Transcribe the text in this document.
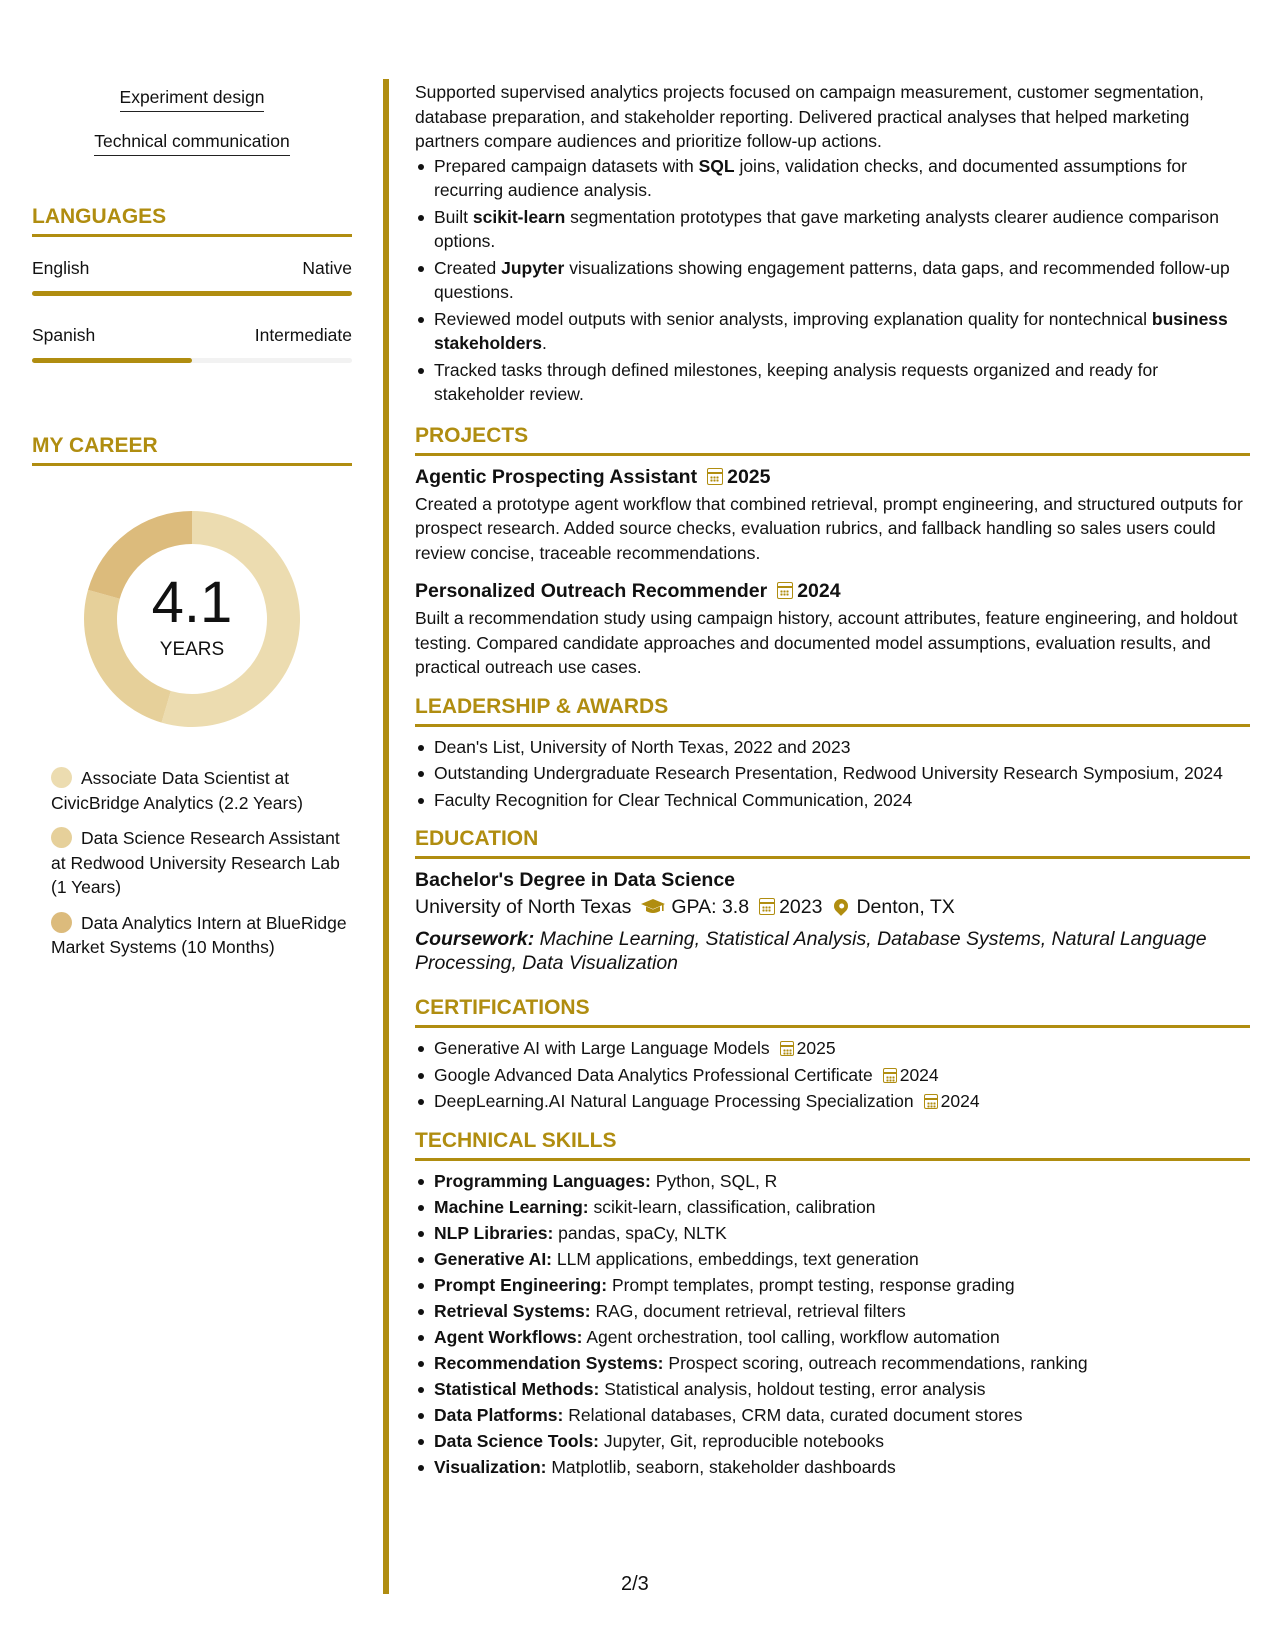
Experiment design
Technical communication
LANGUAGES
English	Native
Spanish	Intermediate
MY CAREER
4.1
YEARS
Associate Data Scientist at CivicBridge Analytics (2.2 Years)
Data Science Research Assistant at Redwood University Research Lab (1 Years)
Data Analytics Intern at BlueRidge Market Systems (10 Months)

Supported supervised analytics projects focused on campaign measurement, customer segmentation, database preparation, and stakeholder reporting. Delivered practical analyses that helped marketing partners compare audiences and prioritize follow-up actions.

Prepared campaign datasets with SQL joins, validation checks, and documented assumptions for recurring audience analysis.
Built scikit-learn segmentation prototypes that gave marketing analysts clearer audience comparison options.
Created Jupyter visualizations showing engagement patterns, data gaps, and recommended follow-up questions.
Reviewed model outputs with senior analysts, improving explanation quality for nontechnical business stakeholders.
Tracked tasks through defined milestones, keeping analysis requests organized and ready for stakeholder review.
PROJECTS
Agentic Prospecting Assistant 2025

Created a prototype agent workflow that combined retrieval, prompt engineering, and structured outputs for prospect research. Added source checks, evaluation rubrics, and fallback handling so sales users could review concise, traceable recommendations.

Personalized Outreach Recommender 2024

Built a recommendation study using campaign history, account attributes, feature engineering, and holdout testing. Compared candidate approaches and documented model assumptions, evaluation results, and practical outreach use cases.

LEADERSHIP & AWARDS
Dean's List, University of North Texas, 2022 and 2023
Outstanding Undergraduate Research Presentation, Redwood University Research Symposium, 2024
Faculty Recognition for Clear Technical Communication, 2024
EDUCATION
Bachelor's Degree in Data Science
University of North Texas GPA: 3.8 2023 Denton, TX

Coursework: Machine Learning, Statistical Analysis, Database Systems, Natural Language Processing, Data Visualization

CERTIFICATIONS
Generative AI with Large Language Models 2025
Google Advanced Data Analytics Professional Certificate 2024
DeepLearning.AI Natural Language Processing Specialization 2024
TECHNICAL SKILLS
Programming Languages: Python, SQL, R
Machine Learning: scikit-learn, classification, calibration
NLP Libraries: pandas, spaCy, NLTK
Generative AI: LLM applications, embeddings, text generation
Prompt Engineering: Prompt templates, prompt testing, response grading
Retrieval Systems: RAG, document retrieval, retrieval filters
Agent Workflows: Agent orchestration, tool calling, workflow automation
Recommendation Systems: Prospect scoring, outreach recommendations, ranking
Statistical Methods: Statistical analysis, holdout testing, error analysis
Data Platforms: Relational databases, CRM data, curated document stores
Data Science Tools: Jupyter, Git, reproducible notebooks
Visualization: Matplotlib, seaborn, stakeholder dashboards
2/3
